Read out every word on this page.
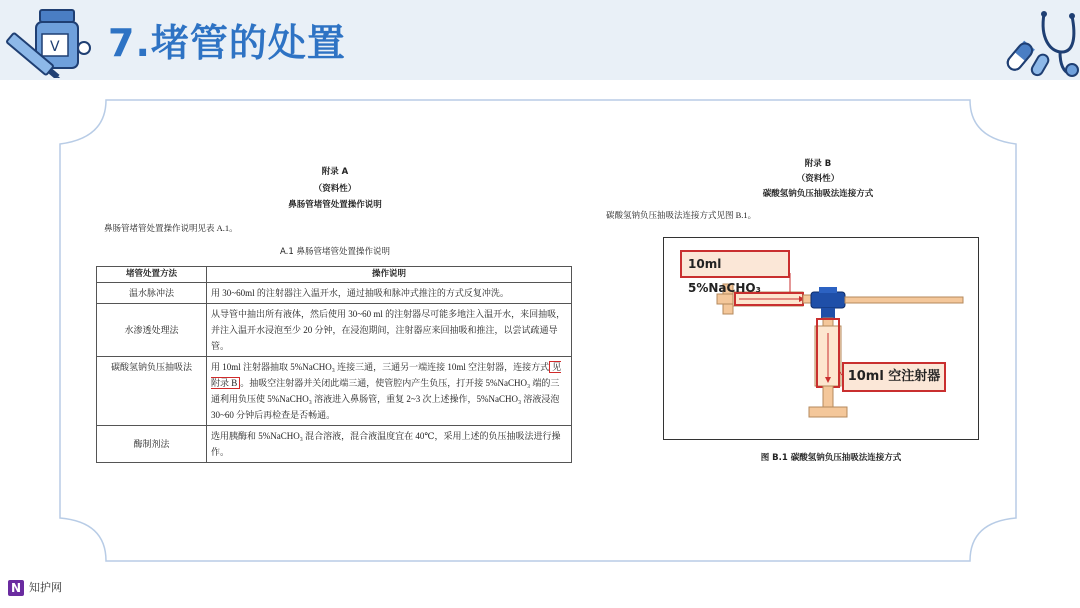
V 7.堵管的处置
附录 A
（资料性）
鼻肠管堵管处置操作说明
鼻肠管堵管处置操作说明见表 A.1。
A.1 鼻肠管堵管处置操作说明
堵管处置方法	操作说明
温水脉冲法	用 30~60ml 的注射器注入温开水，通过抽吸和脉冲式推注的方式反复冲洗。
水渗透处理法	从导管中抽出所有液体，然后使用 30~60 ml 的注射器尽可能多地注入温开水，来回抽吸，并注入温开水浸泡至少 20 分钟，在浸泡期间，注射器应来回抽吸和推注，以尝试疏通导管。
碳酸氢钠负压抽吸法	用 10ml 注射器抽取 5%NaCHO₃ 连接三通，三通另一端连接 10ml 空注射器，连接方式 见附录 B 。抽吸空注射器并关闭此端三通，使管腔内产生负压，打开接 5%NaCHO₃ 端的三通利用负压使 5%NaCHO₃ 溶液进入鼻肠管，重复 2~3 次上述操作，5%NaCHO₃ 溶液浸泡 30~60 分钟后再检查是否畅通。
酶制剂法	选用胰酶和 5%NaCHO₃ 混合溶液，混合液温度宜在 40℃，采用上述的负压抽吸法进行操作。
附录 B
（资料性）
碳酸氢钠负压抽吸法连接方式
碳酸氢钠负压抽吸法连接方式见图 B.1。
10ml 5%NaCHO₃
10ml 空注射器
图 B.1 碳酸氢钠负压抽吸法连接方式
N 知护网
